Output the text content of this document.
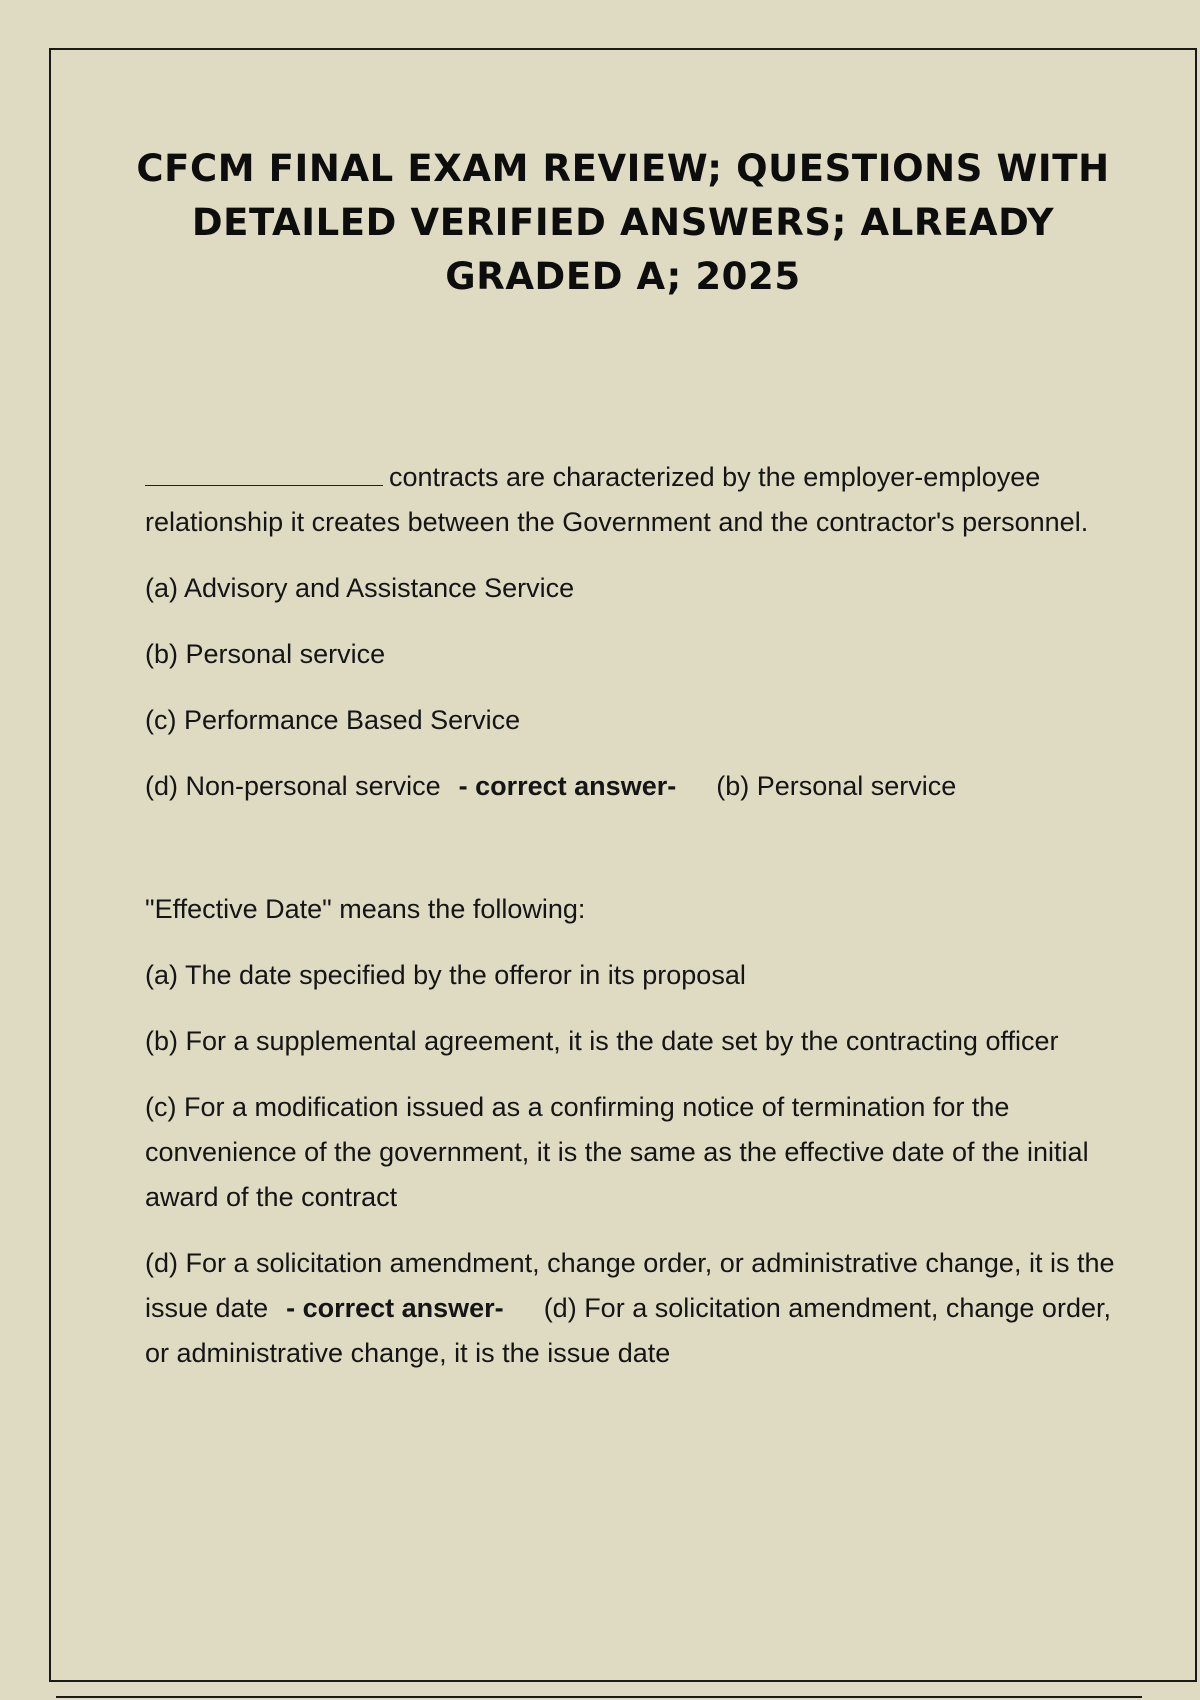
CFCM FINAL EXAM REVIEW; QUESTIONS WITH DETAILED VERIFIED ANSWERS; ALREADY GRADED A; 2025

contracts are characterized by the employer-employee relationship it creates between the Government and the contractor's personnel.

(a) Advisory and Assistance Service

(b) Personal service

(c) Performance Based Service

(d) Non-personal service - correct answer- (b) Personal service

"Effective Date" means the following:

(a) The date specified by the offeror in its proposal

(b) For a supplemental agreement, it is the date set by the contracting officer

(c) For a modification issued as a confirming notice of termination for the convenience of the government, it is the same as the effective date of the initial award of the contract

(d) For a solicitation amendment, change order, or administrative change, it is the issue date - correct answer- (d) For a solicitation amendment, change order, or administrative change, it is the issue date
